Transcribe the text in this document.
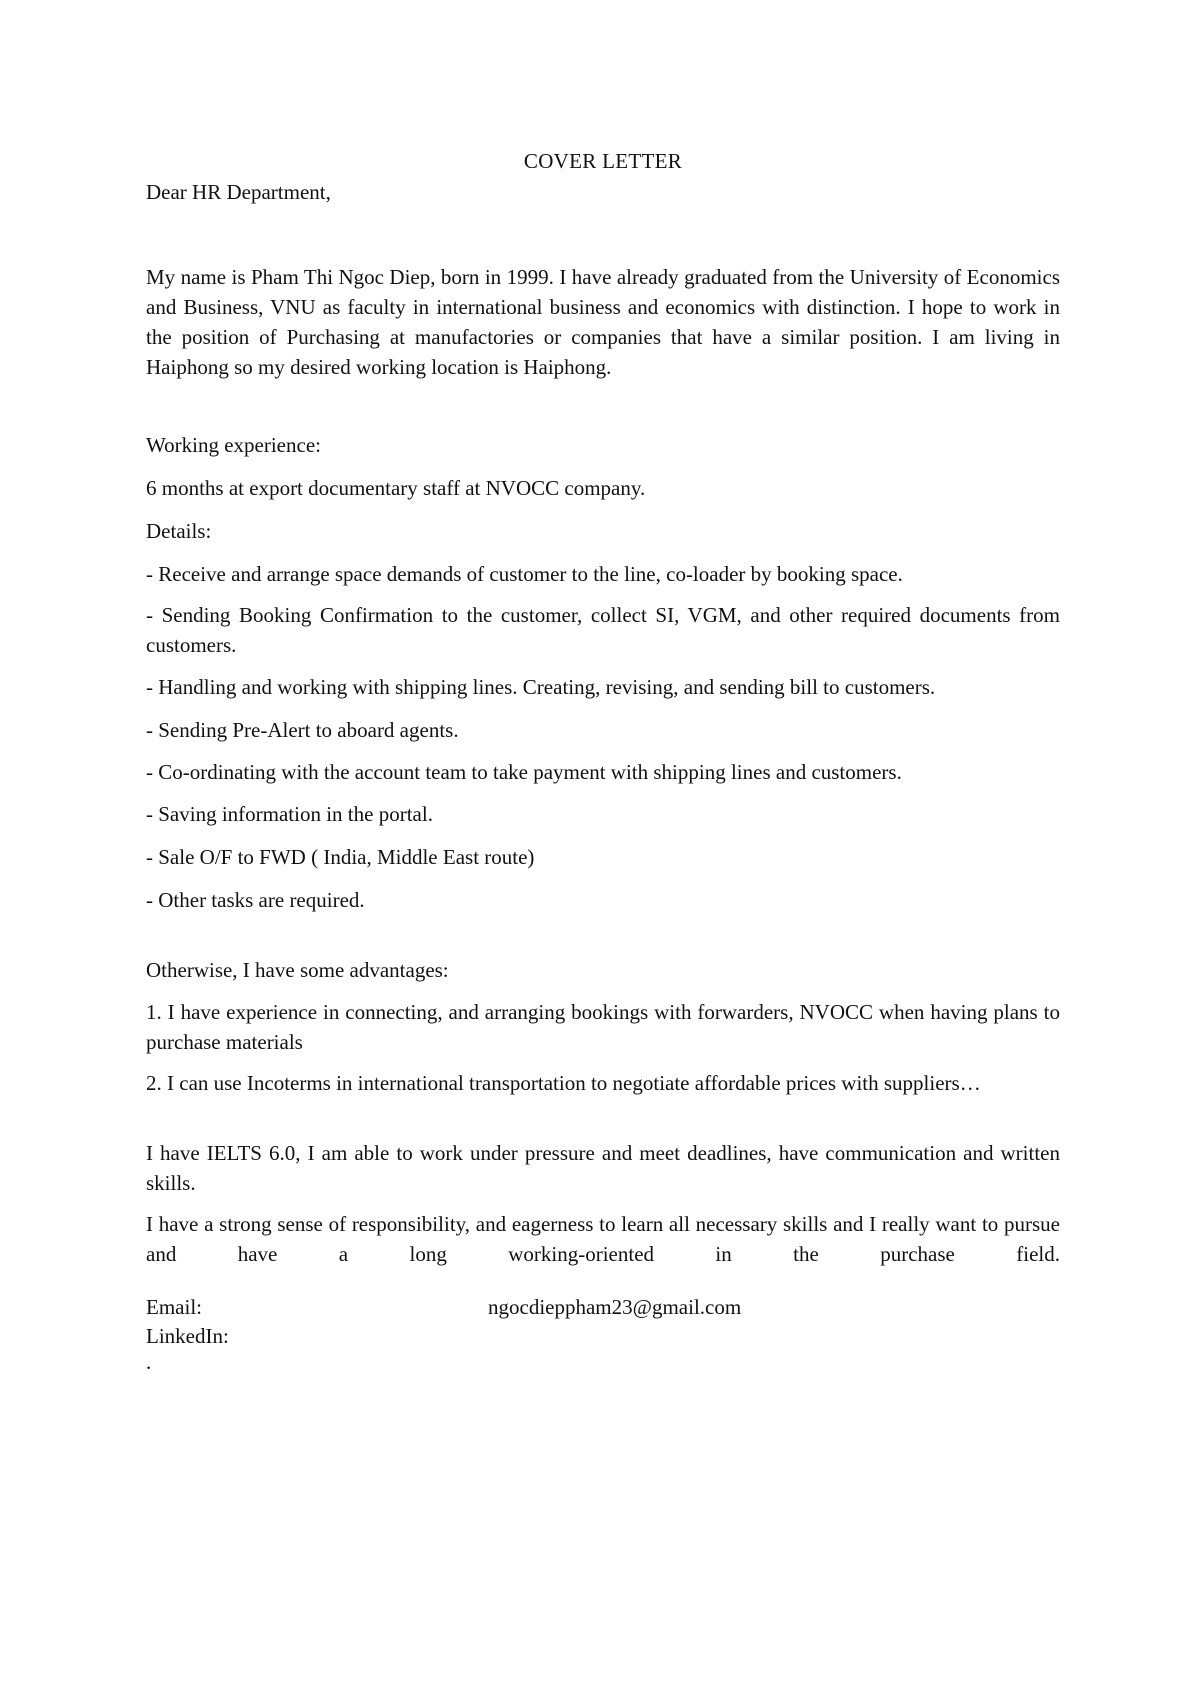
COVER LETTER

Dear HR Department,

My name is Pham Thi Ngoc Diep, born in 1999. I have already graduated from the University of Economics and Business, VNU as faculty in international business and economics with distinction. I hope to work in the position of Purchasing at manufactories or companies that have a similar position. I am living in Haiphong so my desired working location is Haiphong.

Working experience:

6 months at export documentary staff at NVOCC company.

Details:

- Receive and arrange space demands of customer to the line, co-loader by booking space.

- Sending Booking Confirmation to the customer, collect SI, VGM, and other required documents from customers.

- Handling and working with shipping lines. Creating, revising, and sending bill to customers.

- Sending Pre-Alert to aboard agents.

- Co-ordinating with the account team to take payment with shipping lines and customers.

- Saving information in the portal.

- Sale O/F to FWD ( India, Middle East route)

- Other tasks are required.

Otherwise, I have some advantages:

1. I have experience in connecting, and arranging bookings with forwarders, NVOCC when having plans to purchase materials

2. I can use Incoterms in international transportation to negotiate affordable prices with suppliers…

I have IELTS 6.0, I am able to work under pressure and meet deadlines, have communication and written skills.

I have a strong sense of responsibility, and eagerness to learn all necessary skills and I really want to pursue and have a long working-oriented in the purchase field.

Email:	ngocdieppham23@gmail.com
LinkedIn:

.
